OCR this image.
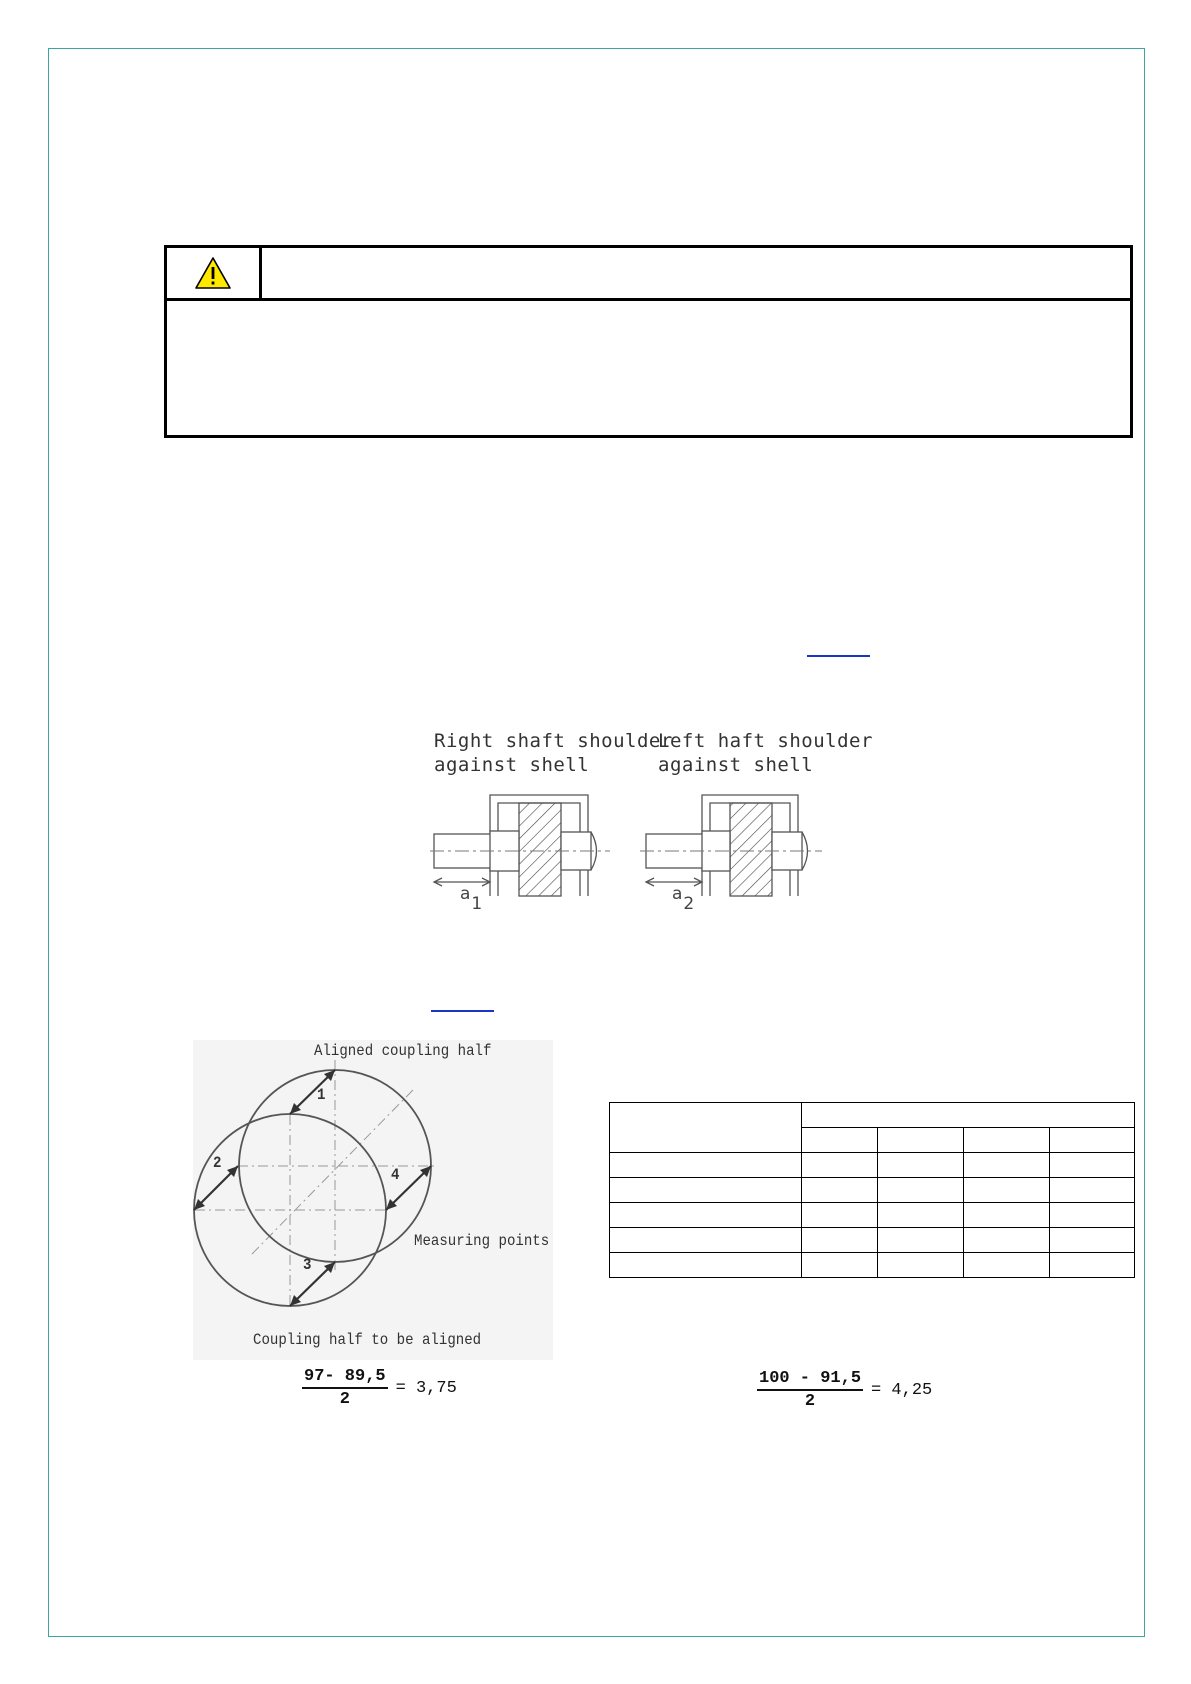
Right shaft shoulder
against shell
Left haft shoulder
against shell
a1	a2
Aligned coupling half
Measuring points
Coupling half to be aligned
1
2
3
4

$\frac{97- 89,5}{2} = 3,75$	$\frac{100 - 91,5}{2} = 4,25$
